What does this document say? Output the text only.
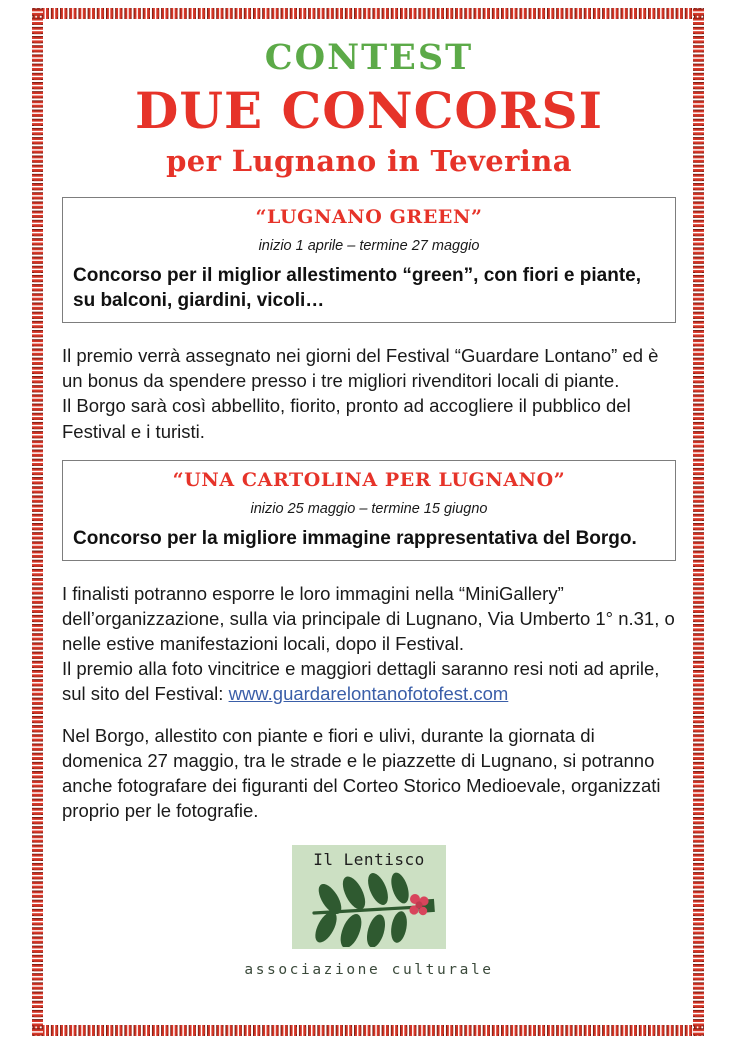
CONTEST
DUE CONCORSI
per Lugnano in Teverina
“LUGNANO GREEN”
inizio 1 aprile – termine 27 maggio
Concorso per il miglior allestimento “green”, con fiori e piante, su balconi, giardini, vicoli…
Il premio verrà assegnato nei giorni del Festival “Guardare Lontano” ed è un bonus da spendere presso i tre migliori rivenditori locali di piante.
Il Borgo sarà così abbellito, fiorito, pronto ad accogliere il pubblico del Festival e i turisti.
“UNA CARTOLINA PER LUGNANO”
inizio 25 maggio – termine 15 giugno
Concorso per la migliore immagine rappresentativa del Borgo.
I finalisti potranno esporre le loro immagini nella “MiniGallery” dell’organizzazione, sulla via principale di Lugnano, Via Umberto 1° n.31, o nelle estive manifestazioni locali, dopo il Festival.
Il premio alla foto vincitrice e maggiori dettagli saranno resi noti ad aprile, sul sito del Festival: www.guardarelontanofotofest.com
Nel Borgo, allestito con piante e fiori e ulivi, durante la giornata di domenica 27 maggio, tra le strade e le piazzette di Lugnano, si potranno anche fotografare dei figuranti del Corteo Storico Medioevale, organizzati proprio per le fotografie.
Il Lentisco
associazione culturale
